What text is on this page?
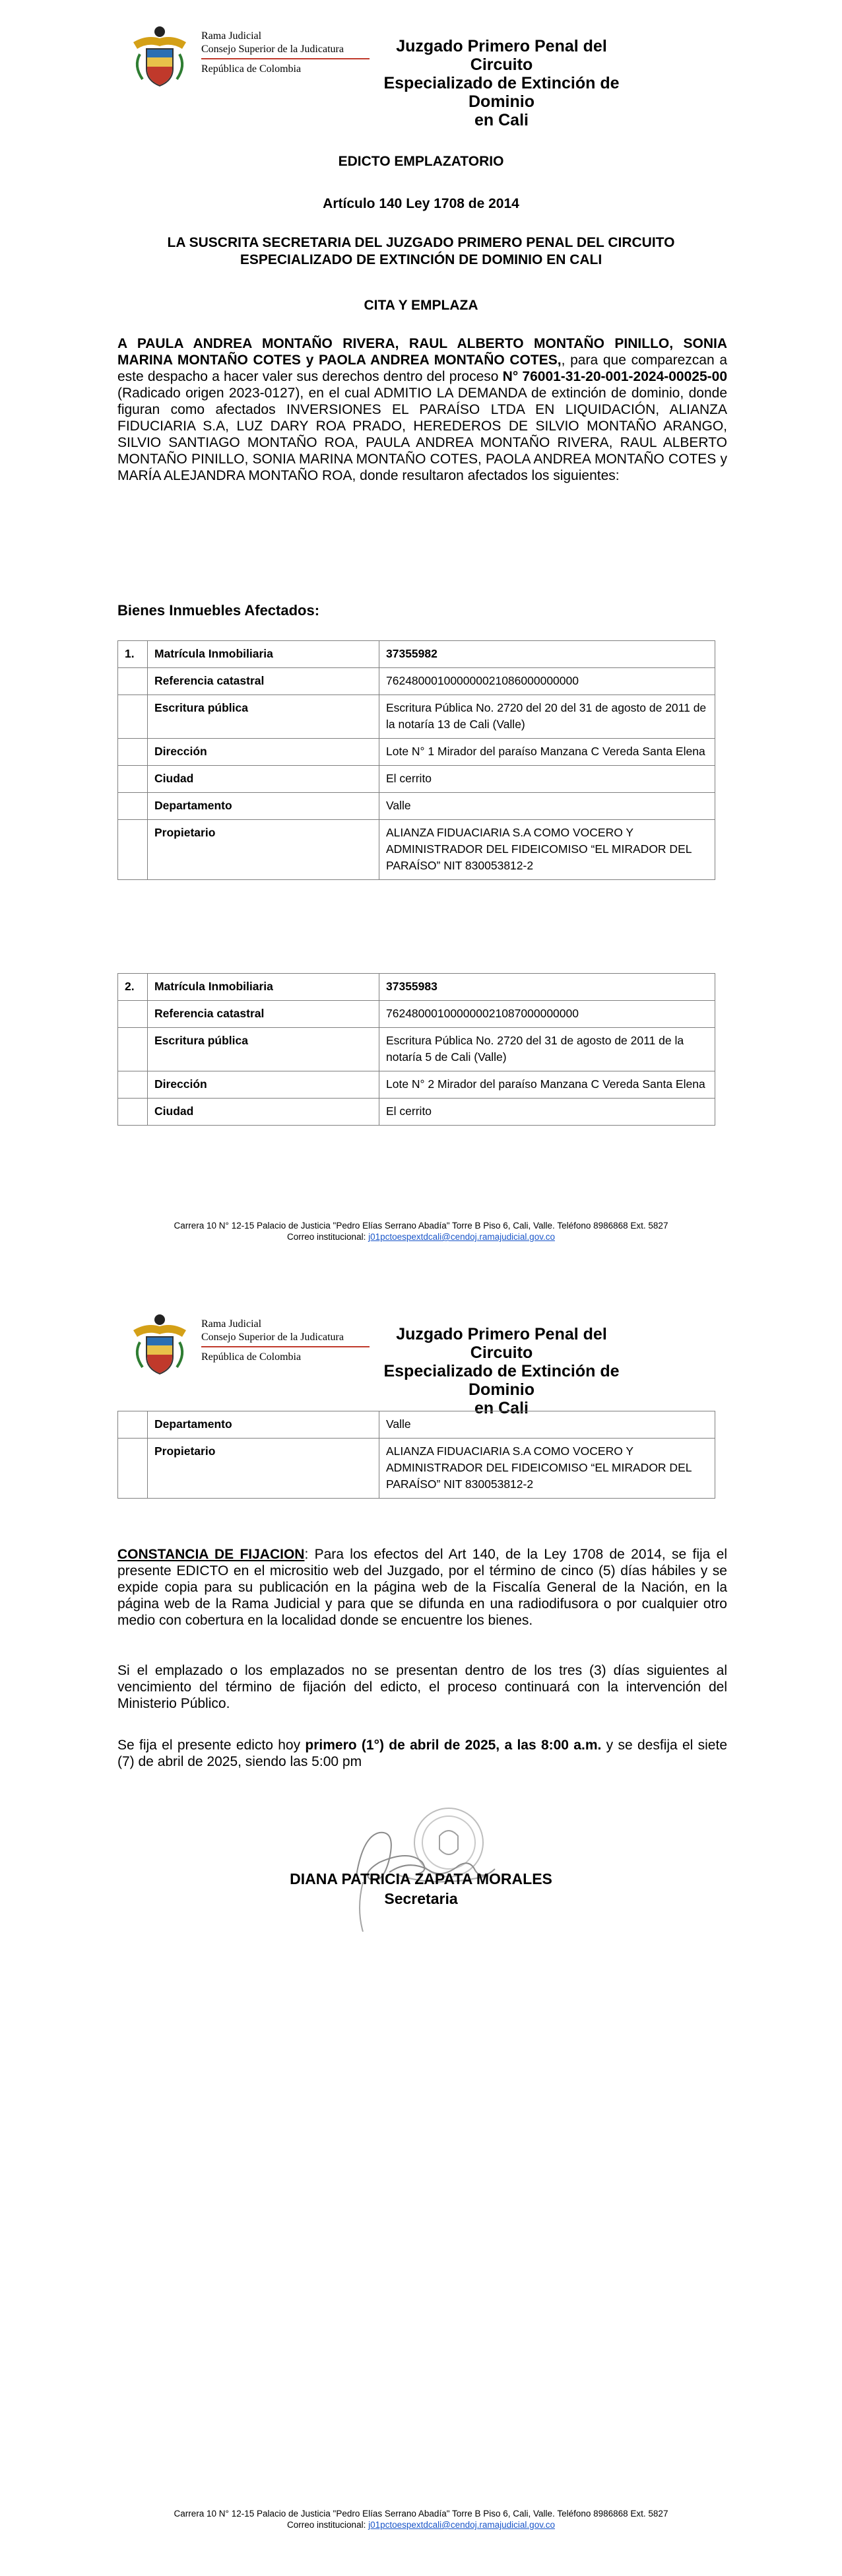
Rama Judicial
Consejo Superior de la Judicatura
República de Colombia
Juzgado Primero Penal del Circuito
Especializado de Extinción de Dominio
en Cali
EDICTO EMPLAZATORIO
Artículo 140 Ley 1708 de 2014
LA SUSCRITA SECRETARIA DEL JUZGADO PRIMERO PENAL DEL CIRCUITO
ESPECIALIZADO DE EXTINCIÓN DE DOMINIO EN CALI
CITA Y EMPLAZA
A PAULA ANDREA MONTAÑO RIVERA, RAUL ALBERTO MONTAÑO PINILLO, SONIA MARINA MONTAÑO COTES y PAOLA ANDREA MONTAÑO COTES,, para que comparezcan a este despacho a hacer valer sus derechos dentro del proceso N° 76001-31-20-001-2024-00025-00 (Radicado origen 2023-0127), en el cual ADMITIO LA DEMANDA de extinción de dominio, donde figuran como afectados INVERSIONES EL PARAÍSO LTDA EN LIQUIDACIÓN, ALIANZA FIDUCIARIA S.A, LUZ DARY ROA PRADO, HEREDEROS DE SILVIO MONTAÑO ARANGO, SILVIO SANTIAGO MONTAÑO ROA, PAULA ANDREA MONTAÑO RIVERA, RAUL ALBERTO MONTAÑO PINILLO, SONIA MARINA MONTAÑO COTES, PAOLA ANDREA MONTAÑO COTES y MARÍA ALEJANDRA MONTAÑO ROA, donde resultaron afectados los siguientes:
Bienes Inmuebles Afectados:
1.	Matrícula Inmobiliaria	37355982
	Referencia catastral	762480001000000021086000000000
	Escritura pública	Escritura Pública No. 2720 del 20 del 31 de agosto de 2011 de la notaría 13 de Cali (Valle)
	Dirección	Lote N° 1 Mirador del paraíso Manzana C Vereda Santa Elena
	Ciudad	El cerrito
	Departamento	Valle
	Propietario	ALIANZA FIDUACIARIA S.A COMO VOCERO Y ADMINISTRADOR DEL FIDEICOMISO “EL MIRADOR DEL PARAÍSO” NIT 830053812-2
2.	Matrícula Inmobiliaria	37355983
	Referencia catastral	762480001000000021087000000000
	Escritura pública	Escritura Pública No. 2720 del 31 de agosto de 2011 de la notaría 5 de Cali (Valle)
	Dirección	Lote N° 2 Mirador del paraíso Manzana C Vereda Santa Elena
	Ciudad	El cerrito
Carrera 10 N° 12-15 Palacio de Justicia "Pedro Elías Serrano Abadía" Torre B Piso 6, Cali, Valle. Teléfono 8986868 Ext. 5827
Correo institucional: j01pctoespextdcali@cendoj.ramajudicial.gov.co
Rama Judicial
Consejo Superior de la Judicatura
República de Colombia
Juzgado Primero Penal del Circuito
Especializado de Extinción de Dominio
en Cali
	Departamento	Valle
	Propietario	ALIANZA FIDUACIARIA S.A COMO VOCERO Y ADMINISTRADOR DEL FIDEICOMISO “EL MIRADOR DEL PARAÍSO” NIT 830053812-2
CONSTANCIA DE FIJACION: Para los efectos del Art 140, de la Ley 1708 de 2014, se fija el presente EDICTO en el micrositio web del Juzgado, por el término de cinco (5) días hábiles y se expide copia para su publicación en la página web de la Fiscalía General de la Nación, en la página web de la Rama Judicial y para que se difunda en una radiodifusora o por cualquier otro medio con cobertura en la localidad donde se encuentre los bienes.
Si el emplazado o los emplazados no se presentan dentro de los tres (3) días siguientes al vencimiento del término de fijación del edicto, el proceso continuará con la intervención del Ministerio Público.
Se fija el presente edicto hoy primero (1°) de abril de 2025, a las 8:00 a.m. y se desfija el siete (7) de abril de 2025, siendo las 5:00 pm
DIANA PATRICIA ZAPATA MORALES
Secretaria
Carrera 10 N° 12-15 Palacio de Justicia "Pedro Elías Serrano Abadía" Torre B Piso 6, Cali, Valle. Teléfono 8986868 Ext. 5827
Correo institucional: j01pctoespextdcali@cendoj.ramajudicial.gov.co
